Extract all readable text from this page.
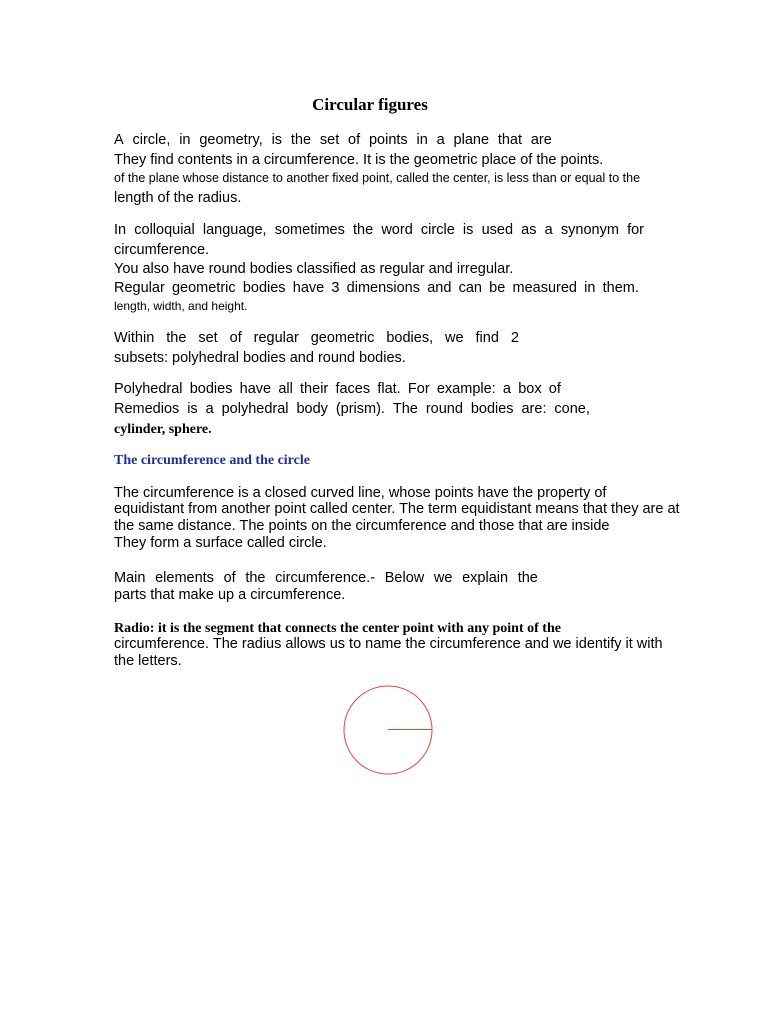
Circular figures
A circle, in geometry, is the set of points in a plane that are
They find contents in a circumference. It is the geometric place of the points.
of the plane whose distance to another fixed point, called the center, is less than or equal to the
length of the radius.
In colloquial language, sometimes the word circle is used as a synonym for
circumference.
You also have round bodies classified as regular and irregular.
Regular geometric bodies have 3 dimensions and can be measured in them.
length, width, and height.
Within the set of regular geometric bodies, we find 2
subsets: polyhedral bodies and round bodies.
Polyhedral bodies have all their faces flat. For example: a box of
Remedios is a polyhedral body (prism). The round bodies are: cone,
cylinder, sphere.
The circumference and the circle
The circumference is a closed curved line, whose points have the property of
equidistant from another point called center. The term equidistant means that they are at
the same distance. The points on the circumference and those that are inside
They form a surface called circle.
Main elements of the circumference.- Below we explain the
parts that make up a circumference.
Radio: it is the segment that connects the center point with any point of the
circumference. The radius allows us to name the circumference and we identify it with
the letters.
